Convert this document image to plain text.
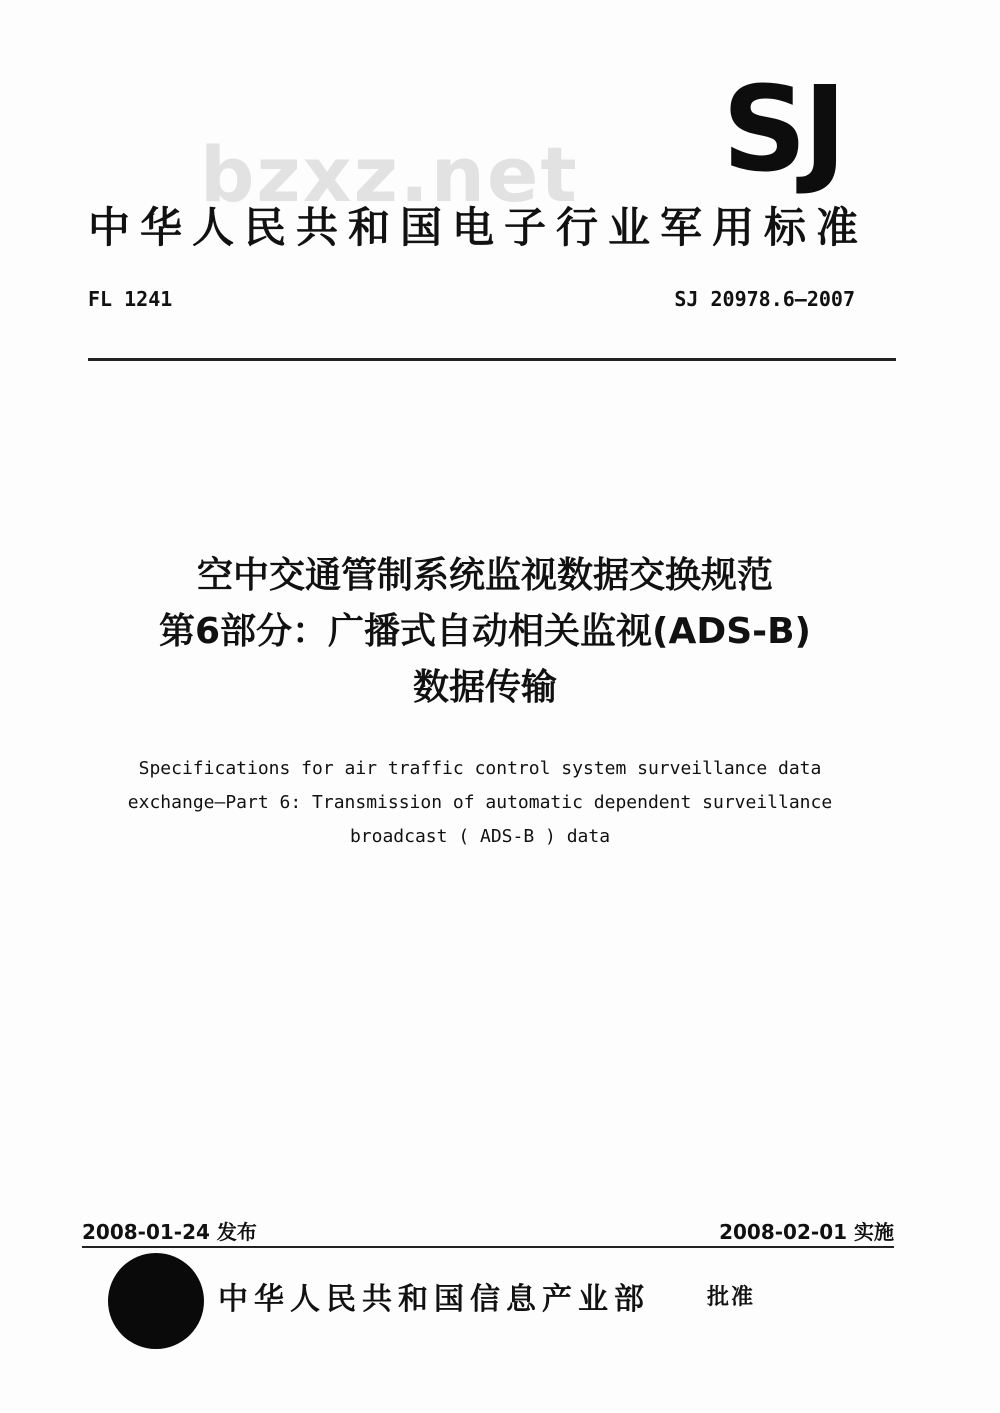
bzxz.net SJ
中华人民共和国电子行业军用标准
FL 1241	SJ 20978.6—2007
空中交通管制系统监视数据交换规范
第6部分：广播式自动相关监视(ADS-B)
数据传输
Specifications for air traffic control system surveillance data
exchange—Part 6: Transmission of automatic dependent surveillance
broadcast ( ADS-B ) data
2008-01-24 发布	2008-02-01 实施
中华人民共和国信息产业部	批准
